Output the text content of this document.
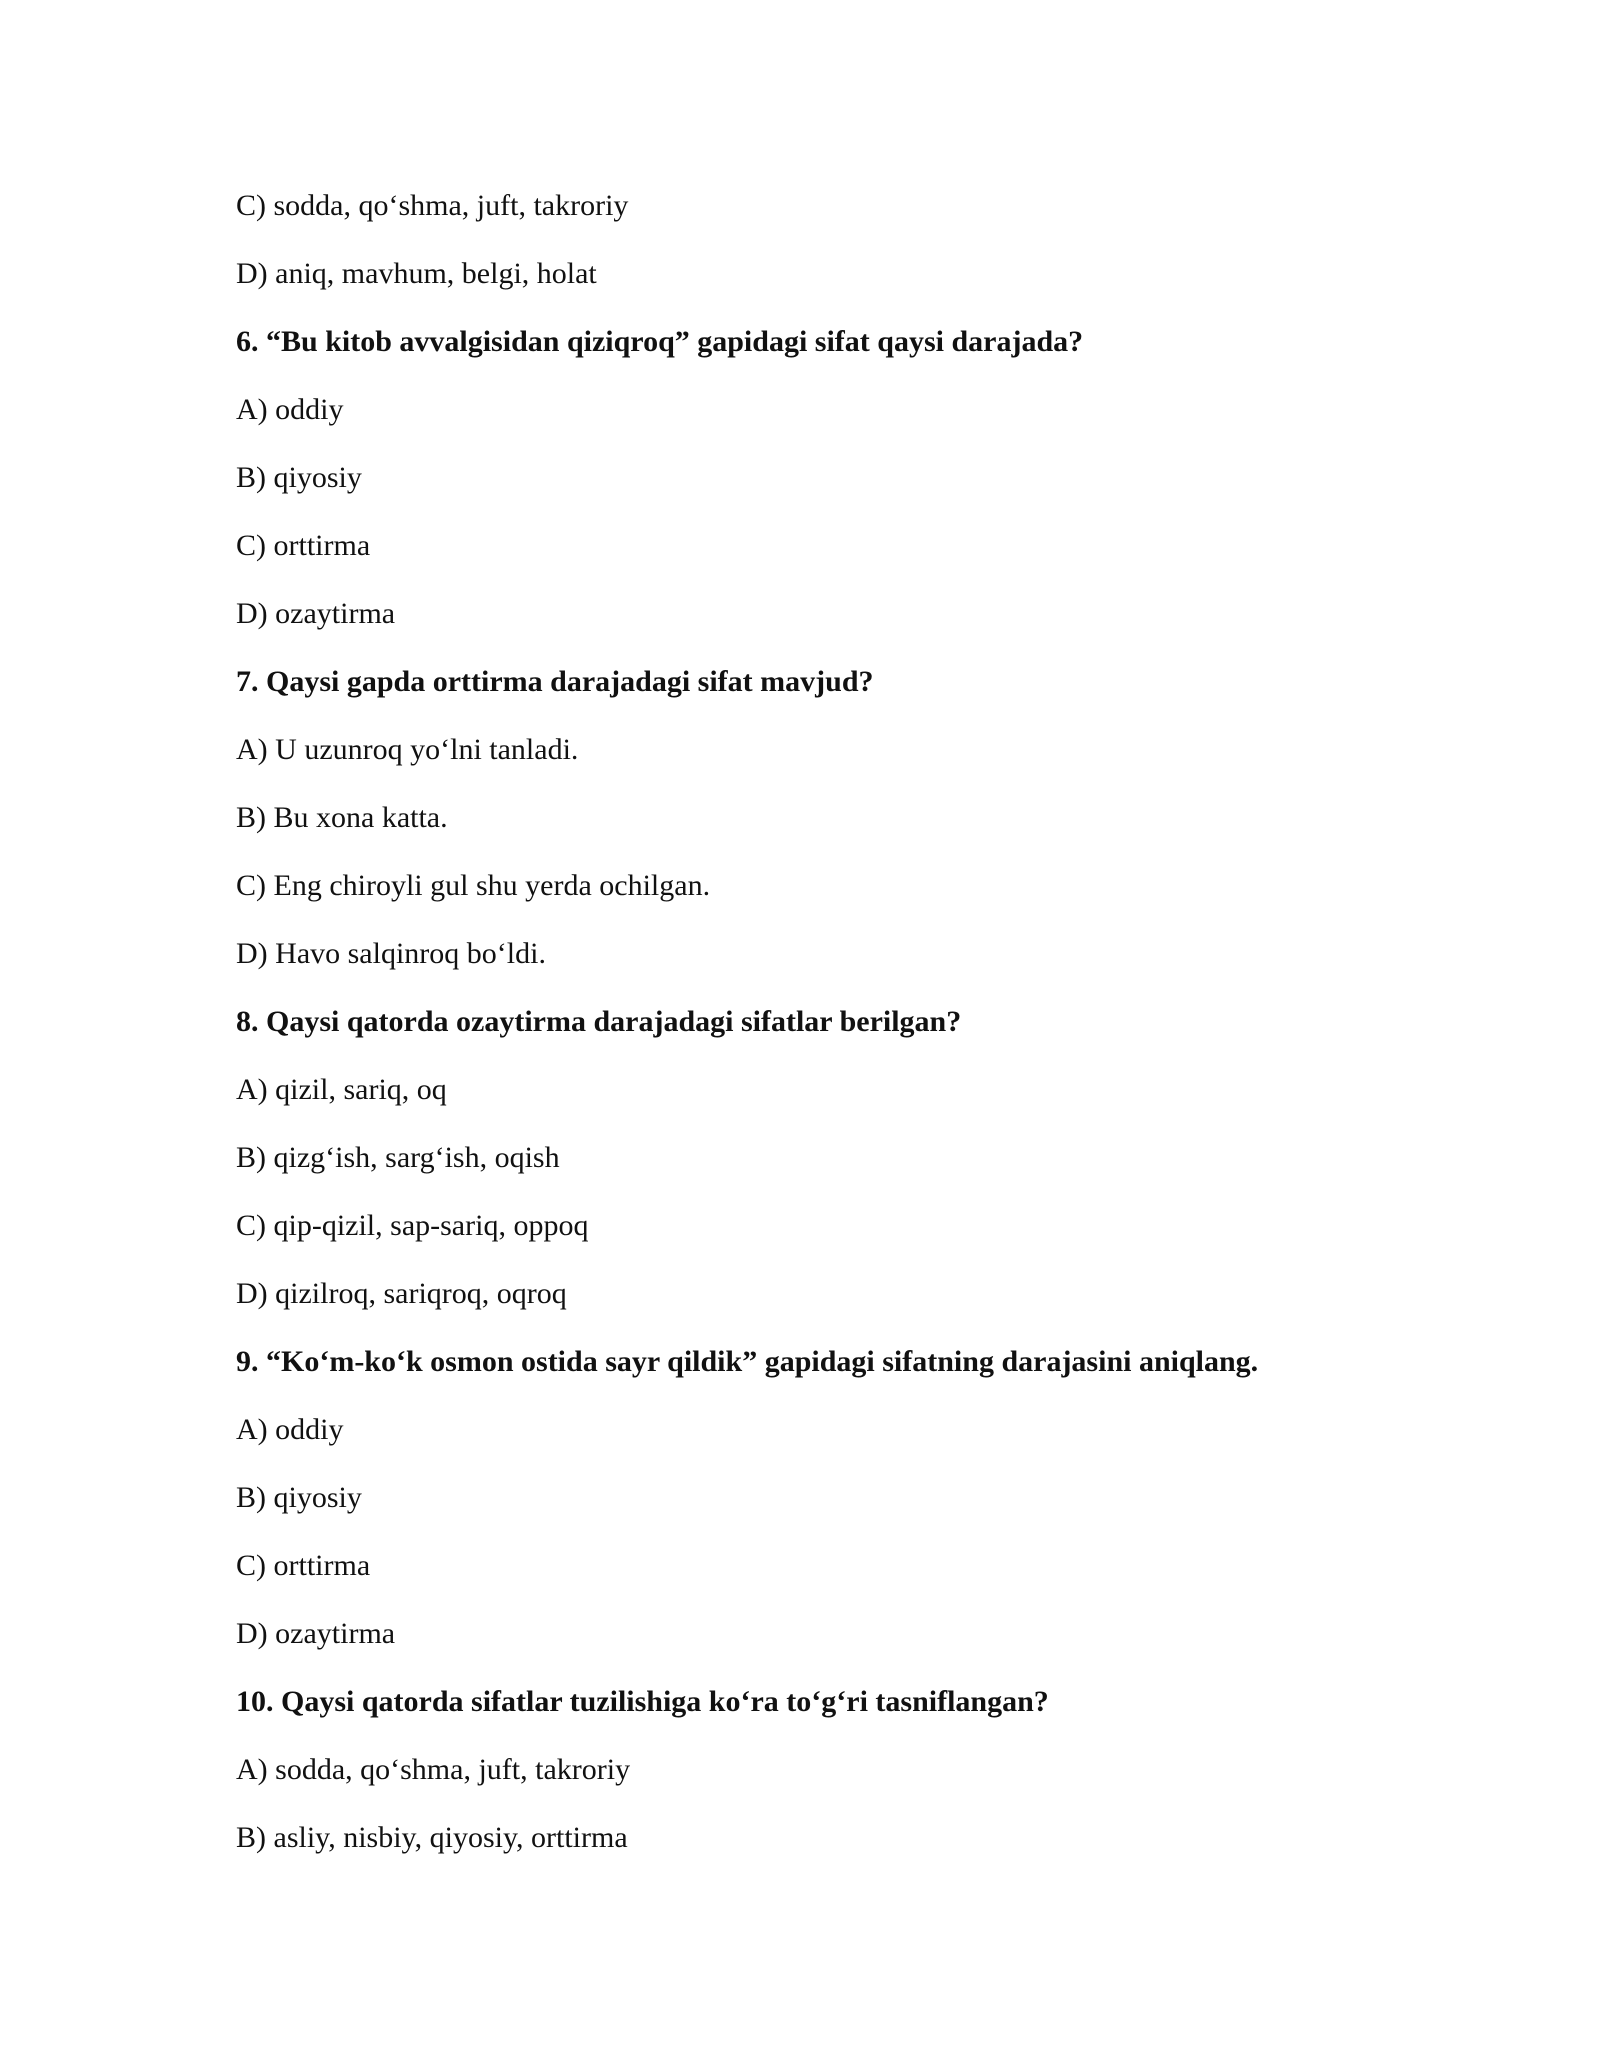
C) sodda, qo‘shma, juft, takroriy
D) aniq, mavhum, belgi, holat
6. “Bu kitob avvalgisidan qiziqroq” gapidagi sifat qaysi darajada?
A) oddiy
B) qiyosiy
C) orttirma
D) ozaytirma
7. Qaysi gapda orttirma darajadagi sifat mavjud?
A) U uzunroq yo‘lni tanladi.
B) Bu xona katta.
C) Eng chiroyli gul shu yerda ochilgan.
D) Havo salqinroq bo‘ldi.
8. Qaysi qatorda ozaytirma darajadagi sifatlar berilgan?
A) qizil, sariq, oq
B) qizg‘ish, sarg‘ish, oqish
C) qip-qizil, sap-sariq, oppoq
D) qizilroq, sariqroq, oqroq
9. “Ko‘m-ko‘k osmon ostida sayr qildik” gapidagi sifatning darajasini aniqlang.
A) oddiy
B) qiyosiy
C) orttirma
D) ozaytirma
10. Qaysi qatorda sifatlar tuzilishiga ko‘ra to‘g‘ri tasniflangan?
A) sodda, qo‘shma, juft, takroriy
B) asliy, nisbiy, qiyosiy, orttirma
